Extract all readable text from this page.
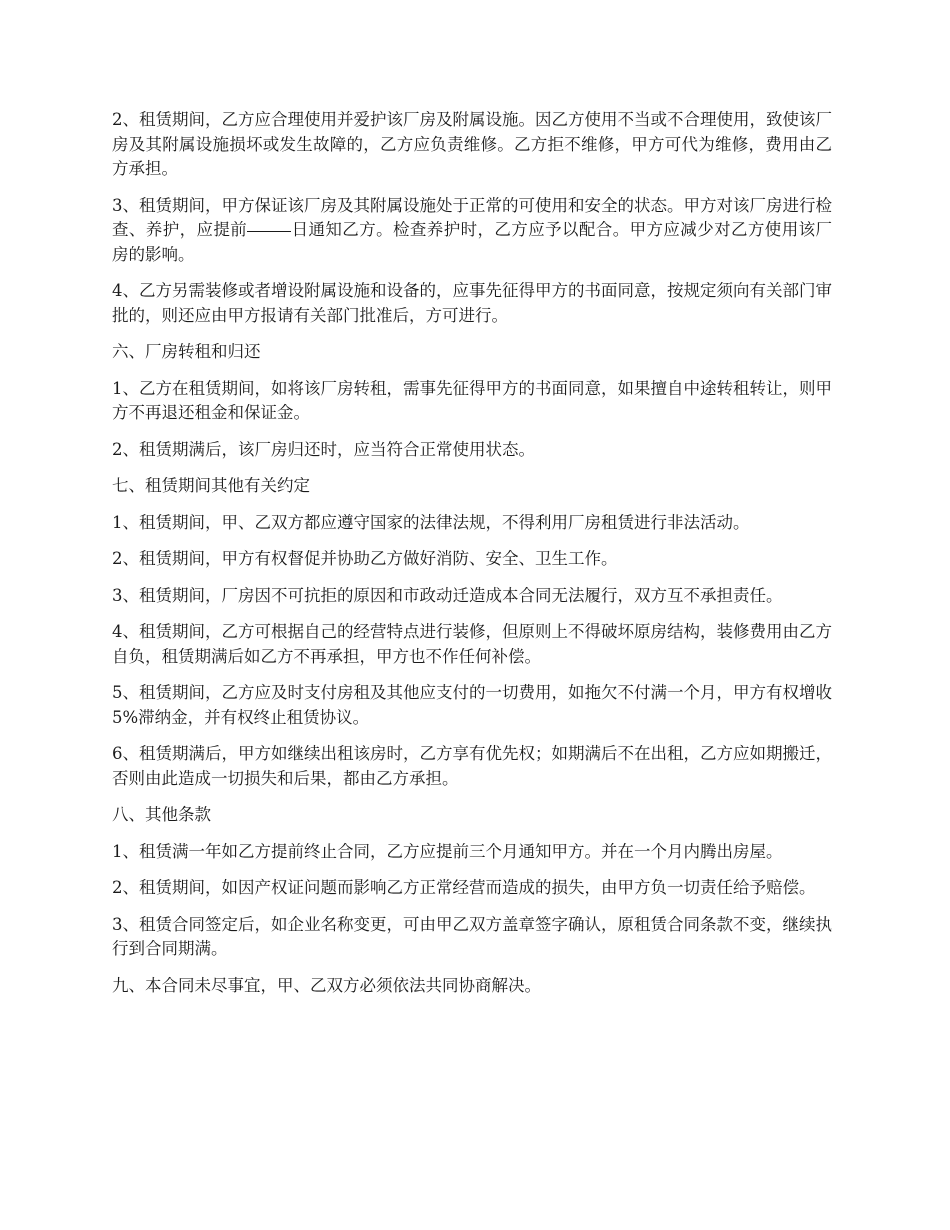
2、租赁期间，乙方应合理使用并爱护该厂房及附属设施。因乙方使用不当或不合理使用，致使该厂房及其附属设施损坏或发生故障的，乙方应负责维修。乙方拒不维修，甲方可代为维修，费用由乙方承担。

3、租赁期间，甲方保证该厂房及其附属设施处于正常的可使用和安全的状态。甲方对该厂房进行检查、养护，应提前	日通知乙方。检查养护时，乙方应予以配合。甲方应减少对乙方使用该厂房的影响。

4、乙方另需装修或者增设附属设施和设备的，应事先征得甲方的书面同意，按规定须向有关部门审批的，则还应由甲方报请有关部门批准后，方可进行。

六、厂房转租和归还

1、乙方在租赁期间，如将该厂房转租，需事先征得甲方的书面同意，如果擅自中途转租转让，则甲方不再退还租金和保证金。

2、租赁期满后，该厂房归还时，应当符合正常使用状态。

七、租赁期间其他有关约定

1、租赁期间，甲、乙双方都应遵守国家的法律法规，不得利用厂房租赁进行非法活动。

2、租赁期间，甲方有权督促并协助乙方做好消防、安全、卫生工作。

3、租赁期间，厂房因不可抗拒的原因和市政动迁造成本合同无法履行，双方互不承担责任。

4、租赁期间，乙方可根据自己的经营特点进行装修，但原则上不得破坏原房结构，装修费用由乙方自负，租赁期满后如乙方不再承担，甲方也不作任何补偿。

5、租赁期间，乙方应及时支付房租及其他应支付的一切费用，如拖欠不付满一个月，甲方有权增收5%滞纳金，并有权终止租赁协议。

6、租赁期满后，甲方如继续出租该房时，乙方享有优先权；如期满后不在出租，乙方应如期搬迁，否则由此造成一切损失和后果，都由乙方承担。

八、其他条款

1、租赁满一年如乙方提前终止合同，乙方应提前三个月通知甲方。并在一个月内腾出房屋。

2、租赁期间，如因产权证问题而影响乙方正常经营而造成的损失，由甲方负一切责任给予赔偿。

3、租赁合同签定后，如企业名称变更，可由甲乙双方盖章签字确认，原租赁合同条款不变，继续执行到合同期满。

九、本合同未尽事宜，甲、乙双方必须依法共同协商解决。
